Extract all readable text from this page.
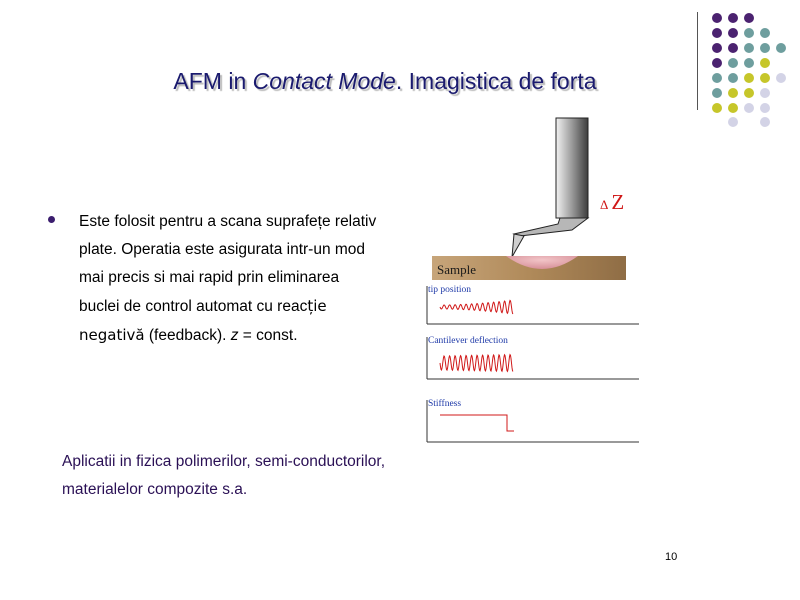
AFM in Contact Mode. Imagistica de forta
Este folosit pentru a scana suprafețe relativ plate. Operatia este asigurata intr-un mod mai precis si mai rapid prin eliminarea buclei de control automat cu reacție negativă (feedback). z = const.
Aplicatii in fizica polimerilor, semi-conductorilor, materialelor compozite s.a.
10
Δ Z
Sample
tip position
Cantilever deflection
Stiffness
